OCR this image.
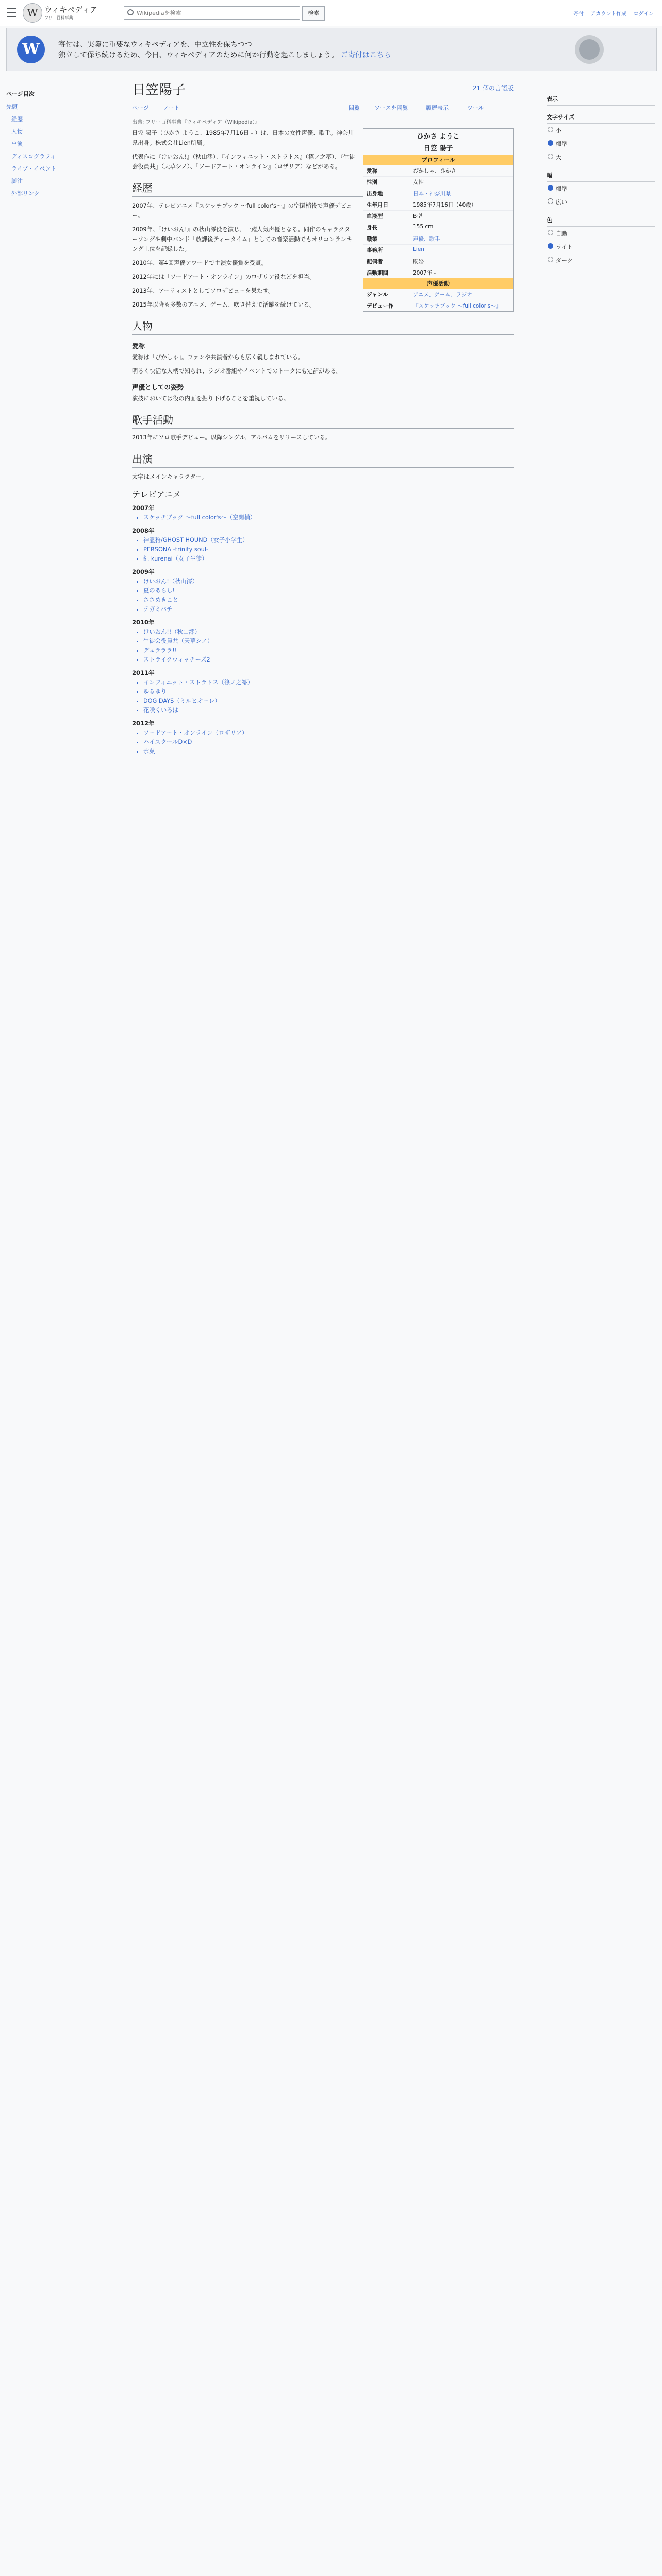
W ウィキペディア
フリー百科事典
Wikipediaを検索
検索	寄付 アカウント作成 ログイン
W	寄付は、実際に重要なウィキペディアを、中立性を保ちつつ
独立して保ち続けるため、今日、ウィキペディアのために何か行動を起こしましょう。 ご寄付はこちら
ページ目次
先頭
経歴
人物
出演
ディスコグラフィ
ライブ・イベント
脚注
外部リンク
日笠陽子	21 個の言語版
ページ ノート	閲覧	ソースを閲覧	履歴表示	ツール
出典: フリー百科事典『ウィキペディア（Wikipedia）』
ひかさ ようこ
日笠 陽子
プロフィール
愛称	ぴかしゃ、ひかさ
性別	女性
出身地	日本・神奈川県
生年月日	1985年7月16日（40歳）
血液型	B型
身長	155 cm
職業	声優、歌手
事務所	Lien
配偶者	既婚
活動期間	2007年 -
声優活動
ジャンル	アニメ、ゲーム、ラジオ
デビュー作	『スケッチブック 〜full color's〜』

日笠 陽子（ひかさ ようこ、1985年7月16日 - ）は、日本の女性声優、歌手。神奈川県出身。株式会社Lien所属。

代表作に『けいおん!』（秋山澪）、『インフィニット・ストラトス』（篠ノ之箒）、『生徒会役員共』（天草シノ）、『ソードアート・オンライン』（ロザリア）などがある。

経歴

2007年、テレビアニメ『スケッチブック 〜full color's〜』の空閑梢役で声優デビュー。

2009年、『けいおん!』の秋山澪役を演じ、一躍人気声優となる。同作のキャラクターソングや劇中バンド「放課後ティータイム」としての音楽活動でもオリコンランキング上位を記録した。

2010年、第4回声優アワードで主演女優賞を受賞。

2012年には「ソードアート・オンライン」のロザリア役などを担当。

2013年、アーティストとしてソロデビューを果たす。

2015年以降も多数のアニメ、ゲーム、吹き替えで活躍を続けている。

人物
愛称

愛称は「ぴかしゃ」。ファンや共演者からも広く親しまれている。

明るく快活な人柄で知られ、ラジオ番組やイベントでのトークにも定評がある。

声優としての姿勢

演技においては役の内面を掘り下げることを重視している。

歌手活動

2013年にソロ歌手デビュー。以降シングル、アルバムをリリースしている。

出演

太字はメインキャラクター。

テレビアニメ
2007年
• スケッチブック 〜full color's〜（空閑梢）
2008年
• 神霊狩/GHOST HOUND（女子小学生）
• PERSONA -trinity soul-
• 紅 kurenai（女子生徒）
2009年
• けいおん!（秋山澪）
• 夏のあらし!
• ささめきこと
• テガミバチ
2010年
• けいおん!!（秋山澪）
• 生徒会役員共（天草シノ）
• デュラララ!!
• ストライクウィッチーズ2
2011年
• インフィニット・ストラトス（篠ノ之箒）
• ゆるゆり
• DOG DAYS（ミルヒオーレ）
• 花咲くいろは
2012年
• ソードアート・オンライン（ロザリア）
• ハイスクールD×D
• 氷菓
表示
文字サイズ
小
標準
大
幅
標準
広い
色
自動
ライト
ダーク
